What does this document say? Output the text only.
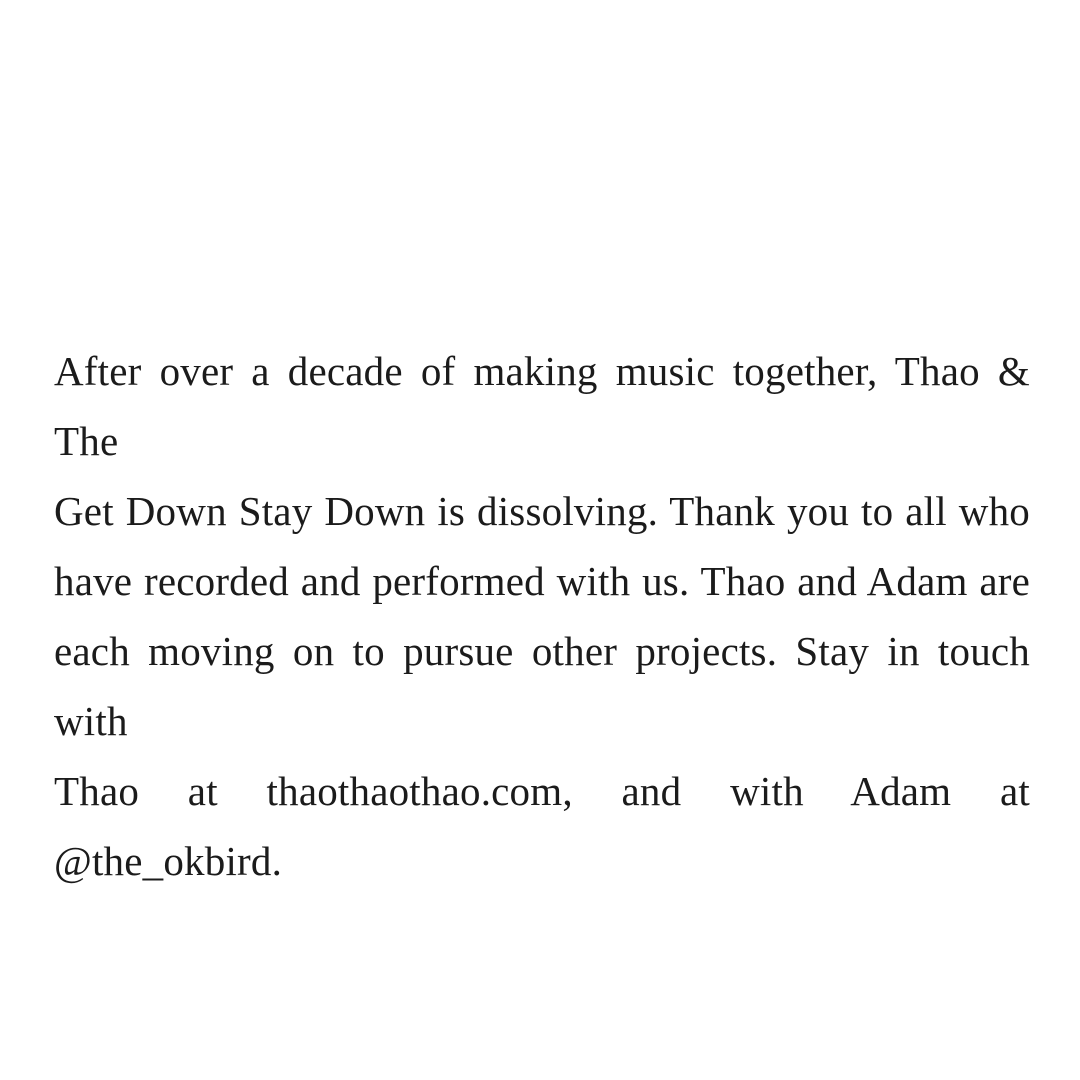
After over a decade of making music together, Thao & The
Get Down Stay Down is dissolving. Thank you to all who
have recorded and performed with us. Thao and Adam are
each moving on to pursue other projects. Stay in touch with
Thao at thaothaothao.com, and with Adam at @the_okbird.
